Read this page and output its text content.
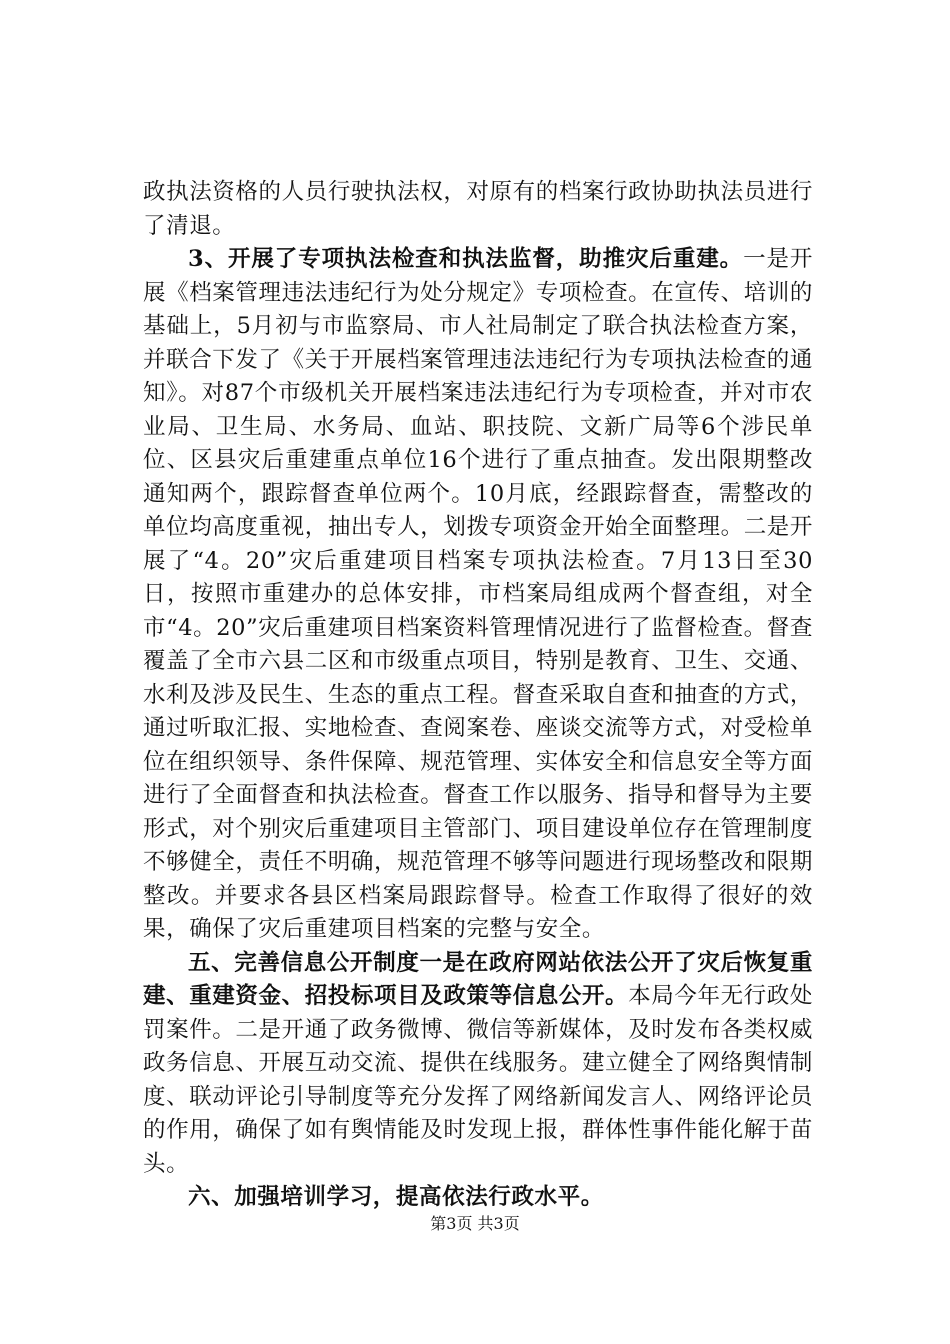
政执法资格的人员行驶执法权，对原有的档案行政协助执法员进行了清退。

3、开展了专项执法检查和执法监督，助推灾后重建。一是开展《档案管理违法违纪行为处分规定》专项检查。在宣传、培训的基础上，5月初与市监察局、市人社局制定了联合执法检查方案，并联合下发了《关于开展档案管理违法违纪行为专项执法检查的通知》。对87个市级机关开展档案违法违纪行为专项检查，并对市农业局、卫生局、水务局、血站、职技院、文新广局等6个涉民单位、区县灾后重建重点单位16个进行了重点抽查。发出限期整改通知两个，跟踪督查单位两个。10月底，经跟踪督查，需整改的单位均高度重视，抽出专人，划拨专项资金开始全面整理。二是开展了“4。20”灾后重建项目档案专项执法检查。7月13日至30日，按照市重建办的总体安排，市档案局组成两个督查组，对全市“4。20”灾后重建项目档案资料管理情况进行了监督检查。督查覆盖了全市六县二区和市级重点项目，特别是教育、卫生、交通、水利及涉及民生、生态的重点工程。督查采取自查和抽查的方式，通过听取汇报、实地检查、查阅案卷、座谈交流等方式，对受检单位在组织领导、条件保障、规范管理、实体安全和信息安全等方面进行了全面督查和执法检查。督查工作以服务、指导和督导为主要形式，对个别灾后重建项目主管部门、项目建设单位存在管理制度不够健全，责任不明确，规范管理不够等问题进行现场整改和限期整改。并要求各县区档案局跟踪督导。检查工作取得了很好的效果，确保了灾后重建项目档案的完整与安全。

五、完善信息公开制度一是在政府网站依法公开了灾后恢复重建、重建资金、招投标项目及政策等信息公开。本局今年无行政处罚案件。二是开通了政务微博、微信等新媒体，及时发布各类权威政务信息、开展互动交流、提供在线服务。建立健全了网络舆情制度、联动评论引导制度等充分发挥了网络新闻发言人、网络评论员的作用，确保了如有舆情能及时发现上报，群体性事件能化解于苗头。

六、加强培训学习，提高依法行政水平。

第3页 共3页
